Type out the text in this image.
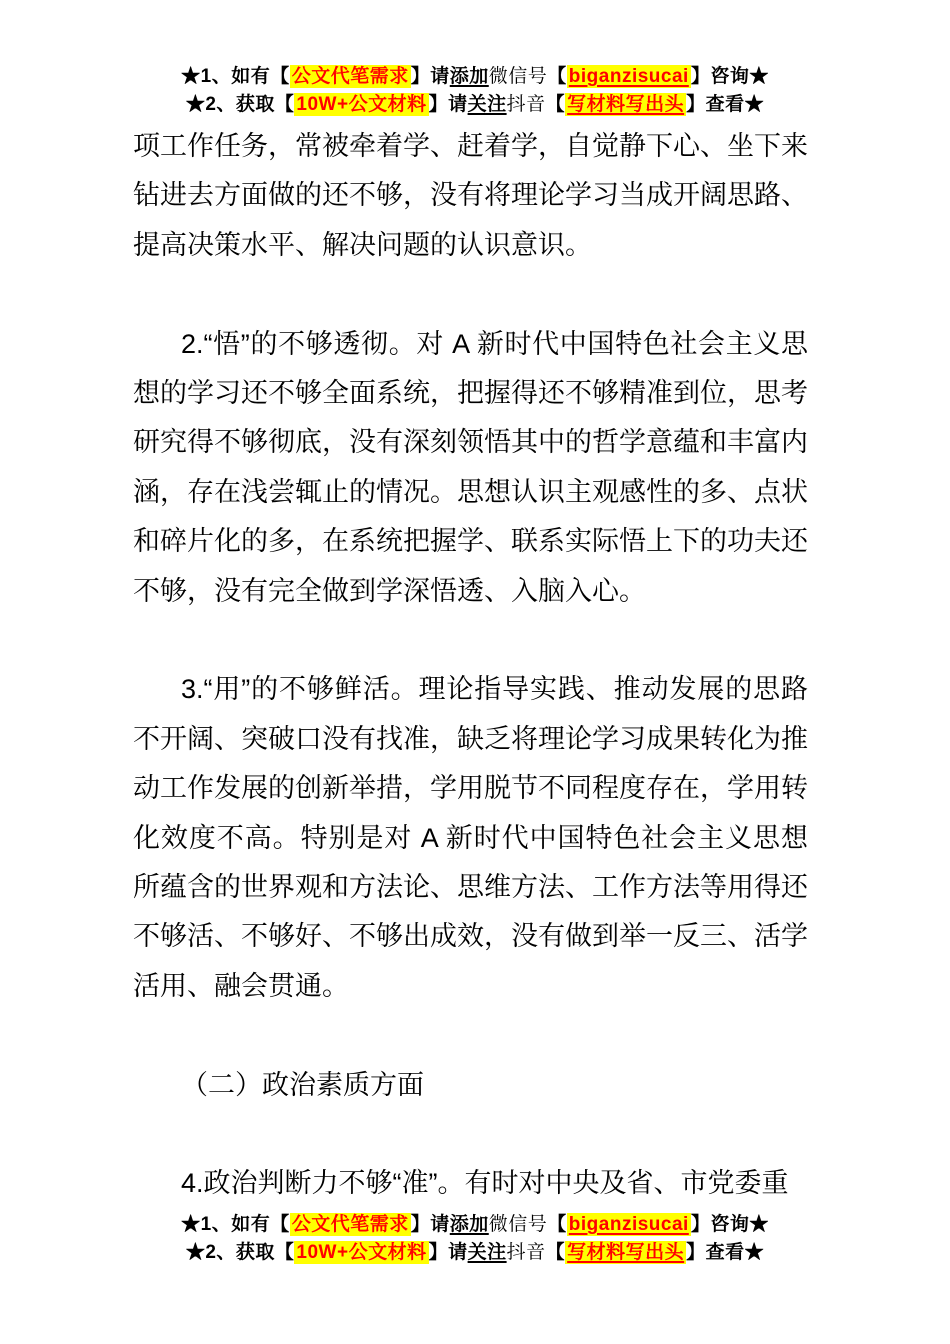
★1、如有【 公文代笔需求 】请添加微信号【 biganzisucai 】咨询★
★2、获取【 10W+公文材料 】请关注抖音【 写材料写出头 】查看★

项工作任务，常被牵着学、赶着学，自觉静下心、坐下来钻进去方面做的还不够，没有将理论学习当成开阔思路、提高决策水平、解决问题的认识意识。

2.“悟”的不够透彻。对 A 新时代中国特色社会主义思想的学习还不够全面系统，把握得还不够精准到位，思考研究得不够彻底，没有深刻领悟其中的哲学意蕴和丰富内涵，存在浅尝辄止的情况。思想认识主观感性的多、点状和碎片化的多，在系统把握学、联系实际悟上下的功夫还不够，没有完全做到学深悟透、入脑入心。

3.“用”的不够鲜活。理论指导实践、推动发展的思路不开阔、突破口没有找准，缺乏将理论学习成果转化为推动工作发展的创新举措，学用脱节不同程度存在，学用转化效度不高。特别是对 A 新时代中国特色社会主义思想所蕴含的世界观和方法论、思维方法、工作方法等用得还不够活、不够好、不够出成效，没有做到举一反三、活学活用、融会贯通。

（二）政治素质方面

4.政治判断力不够“准”。有时对中央及省、市党委重

★1、如有【 公文代笔需求 】请添加微信号【 biganzisucai 】咨询★
★2、获取【 10W+公文材料 】请关注抖音【 写材料写出头 】查看★
